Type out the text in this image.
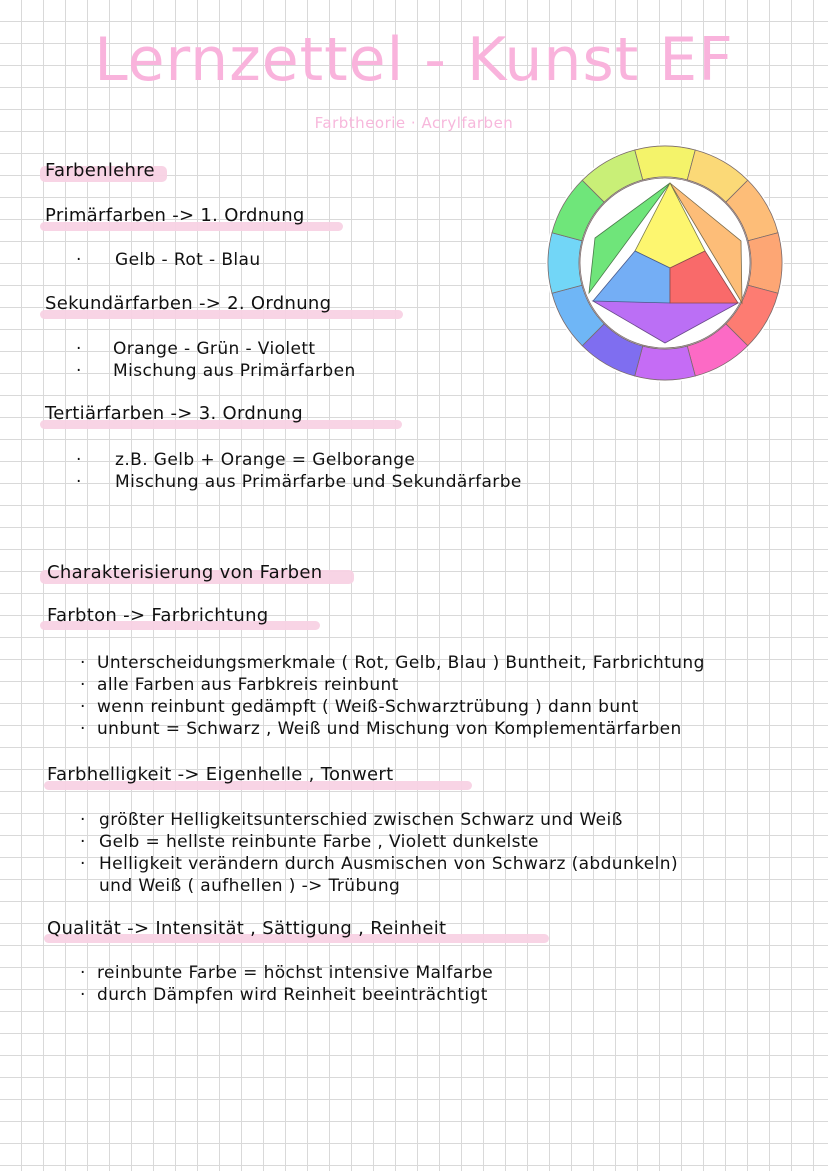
Lernzettel - Kunst EF
Farbtheorie · Acrylfarben
Farbenlehre
Primärfarben -> 1. Ordnung
· Gelb - Rot - Blau
Sekundärfarben -> 2. Ordnung
· Orange - Grün - Violett
· Mischung aus Primärfarben
Tertiärfarben -> 3. Ordnung
· z.B. Gelb + Orange = Gelborange
· Mischung aus Primärfarbe und Sekundärfarbe
Charakterisierung von Farben
Farbton -> Farbrichtung
· Unterscheidungsmerkmale ( Rot, Gelb, Blau ) Buntheit, Farbrichtung
· alle Farben aus Farbkreis reinbunt
· wenn reinbunt gedämpft ( Weiß-Schwarztrübung ) dann bunt
· unbunt = Schwarz , Weiß und Mischung von Komplementärfarben
Farbhelligkeit -> Eigenhelle , Tonwert
· größter Helligkeitsunterschied zwischen Schwarz und Weiß
· Gelb = hellste reinbunte Farbe , Violett dunkelste
· Helligkeit verändern durch Ausmischen von Schwarz (abdunkeln)
und Weiß ( aufhellen ) -> Trübung
Qualität -> Intensität , Sättigung , Reinheit
· reinbunte Farbe = höchst intensive Malfarbe
· durch Dämpfen wird Reinheit beeinträchtigt
